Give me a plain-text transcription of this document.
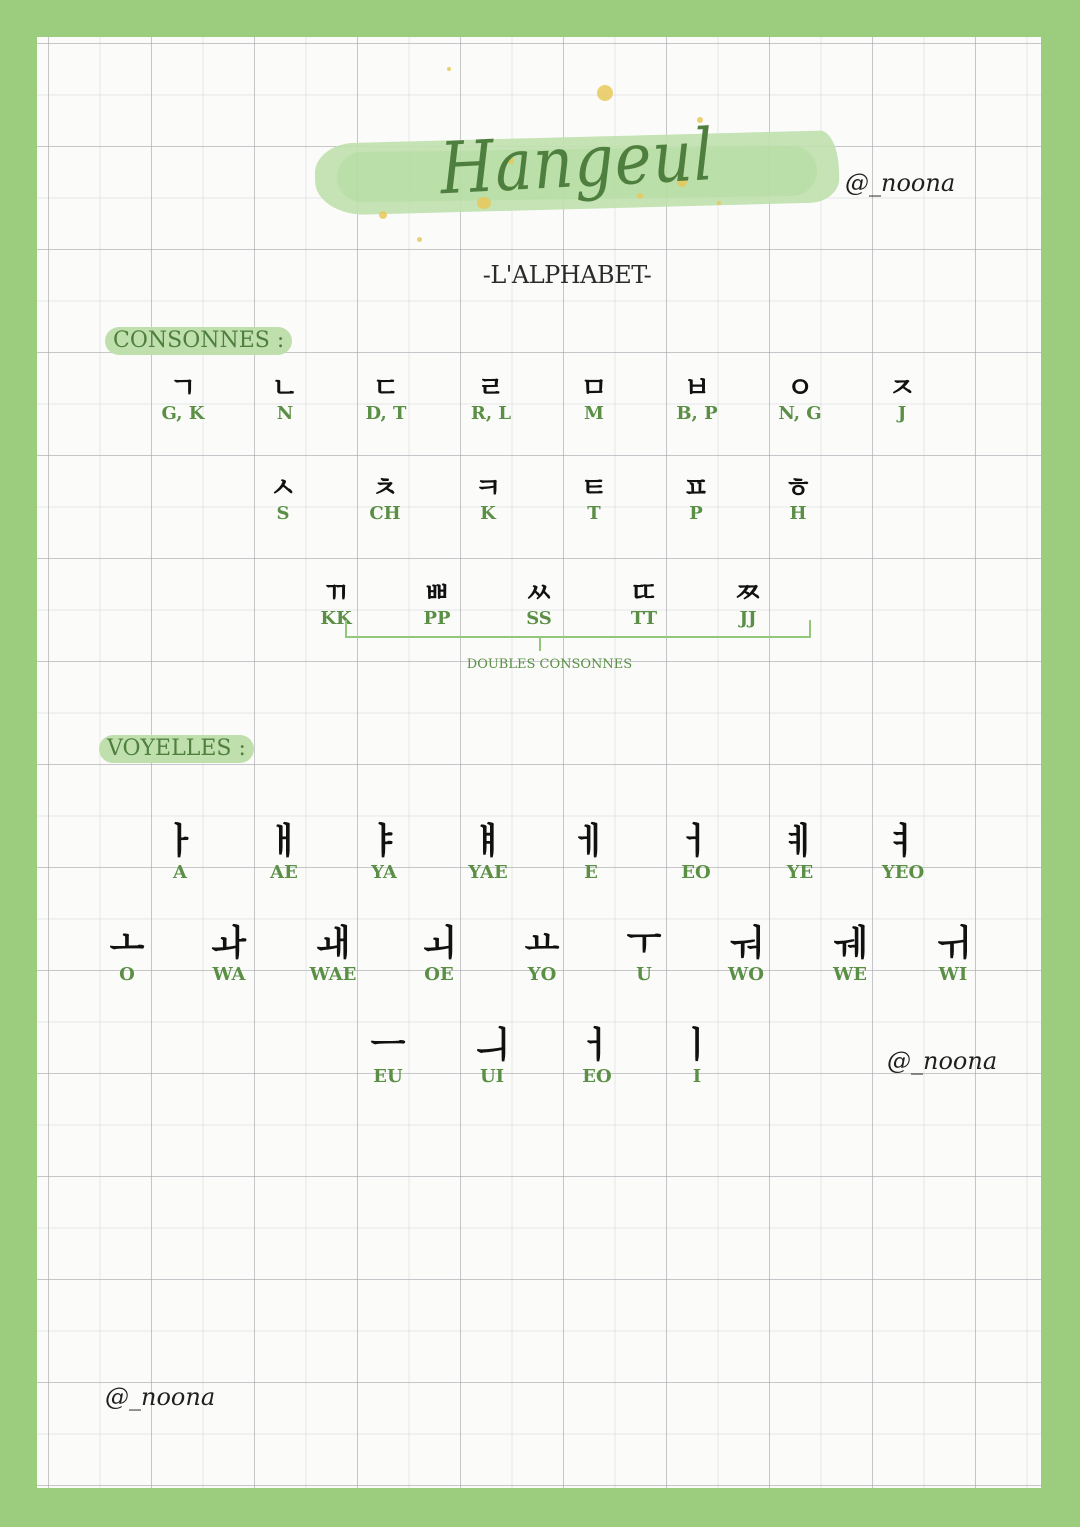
Hangeul
-L'ALPHABET-
@_noona
CONSONNES :
ㄱ
G, K
ㄴ
N
ㄷ
D, T
ㄹ
R, L
ㅁ
M
ㅂ
B, P
ㅇ
N, G
ㅈ
J
ㅅ
S
ㅊ
CH
ㅋ
K
ㅌ
T
ㅍ
P
ㅎ
H
ㄲ
KK
ㅃ
PP
ㅆ
SS
ㄸ
TT
ㅉ
JJ
DOUBLES CONSONNES
VOYELLES :
ㅏ
A
ㅐ
AE
ㅑ
YA
ㅒ
YAE
ㅔ
E
ㅓ
EO
ㅖ
YE
ㅕ
YEO
ㅗ
O
ㅘ
WA
ㅙ
WAE
ㅚ
OE
ㅛ
YO
ㅜ
U
ㅝ
WO
ㅞ
WE
ㅟ
WI
ㅡ
EU
ㅢ
UI
ㅓ
EO
ㅣ
I
@_noona
@_noona
